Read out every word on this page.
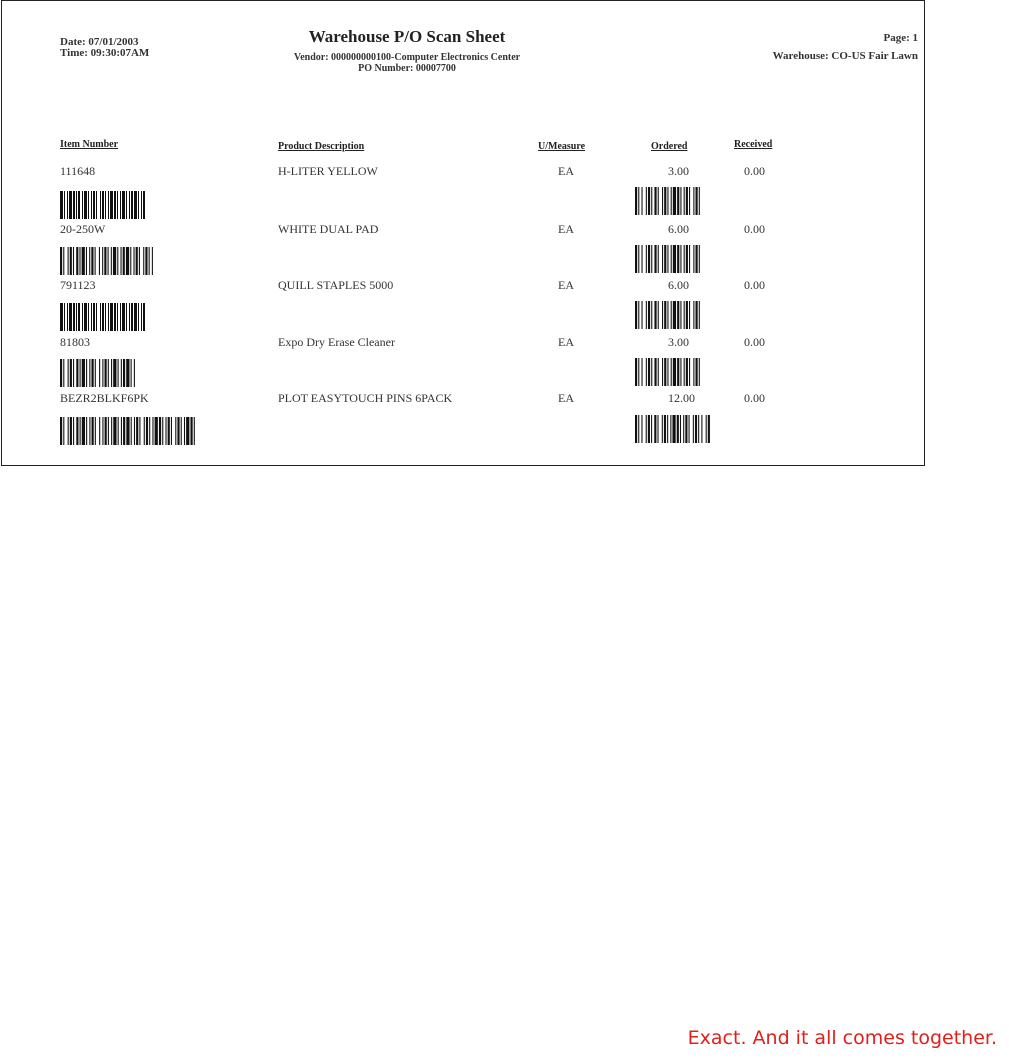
Date: 07/01/2003
Time: 09:30:07AM
Warehouse P/O Scan Sheet
Vendor: 000000000100-Computer Electronics Center
PO Number: 00007700
Page: 1
Warehouse: CO-US Fair Lawn
Item Number	Product Description	U/Measure	Ordered	Received
111648	H-LITER YELLOW	EA	3.00	0.00
20-250W	WHITE DUAL PAD	EA	6.00	0.00
791123	QUILL STAPLES 5000	EA	6.00	0.00
81803	Expo Dry Erase Cleaner	EA	3.00	0.00
BEZR2BLKF6PK	PLOT EASYTOUCH PINS 6PACK	EA	12.00	0.00
Exact. And it all comes together.
